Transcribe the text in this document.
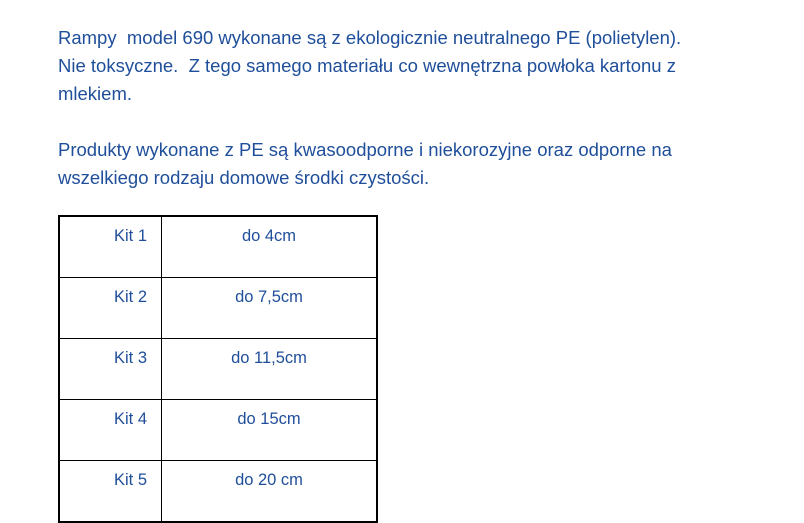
Rampy  model 690 wykonane są z ekologicznie neutralnego PE (polietylen).
Nie toksyczne.  Z tego samego materiału co wewnętrzna powłoka kartonu z
mlekiem.

Produkty wykonane z PE są kwasoodporne i niekorozyjne oraz odporne na
wszelkiego rodzaju domowe środki czystości.

Kit 1	do 4cm
Kit 2	do 7,5cm
Kit 3	do 11,5cm
Kit 4	do 15cm
Kit 5	do 20 cm
